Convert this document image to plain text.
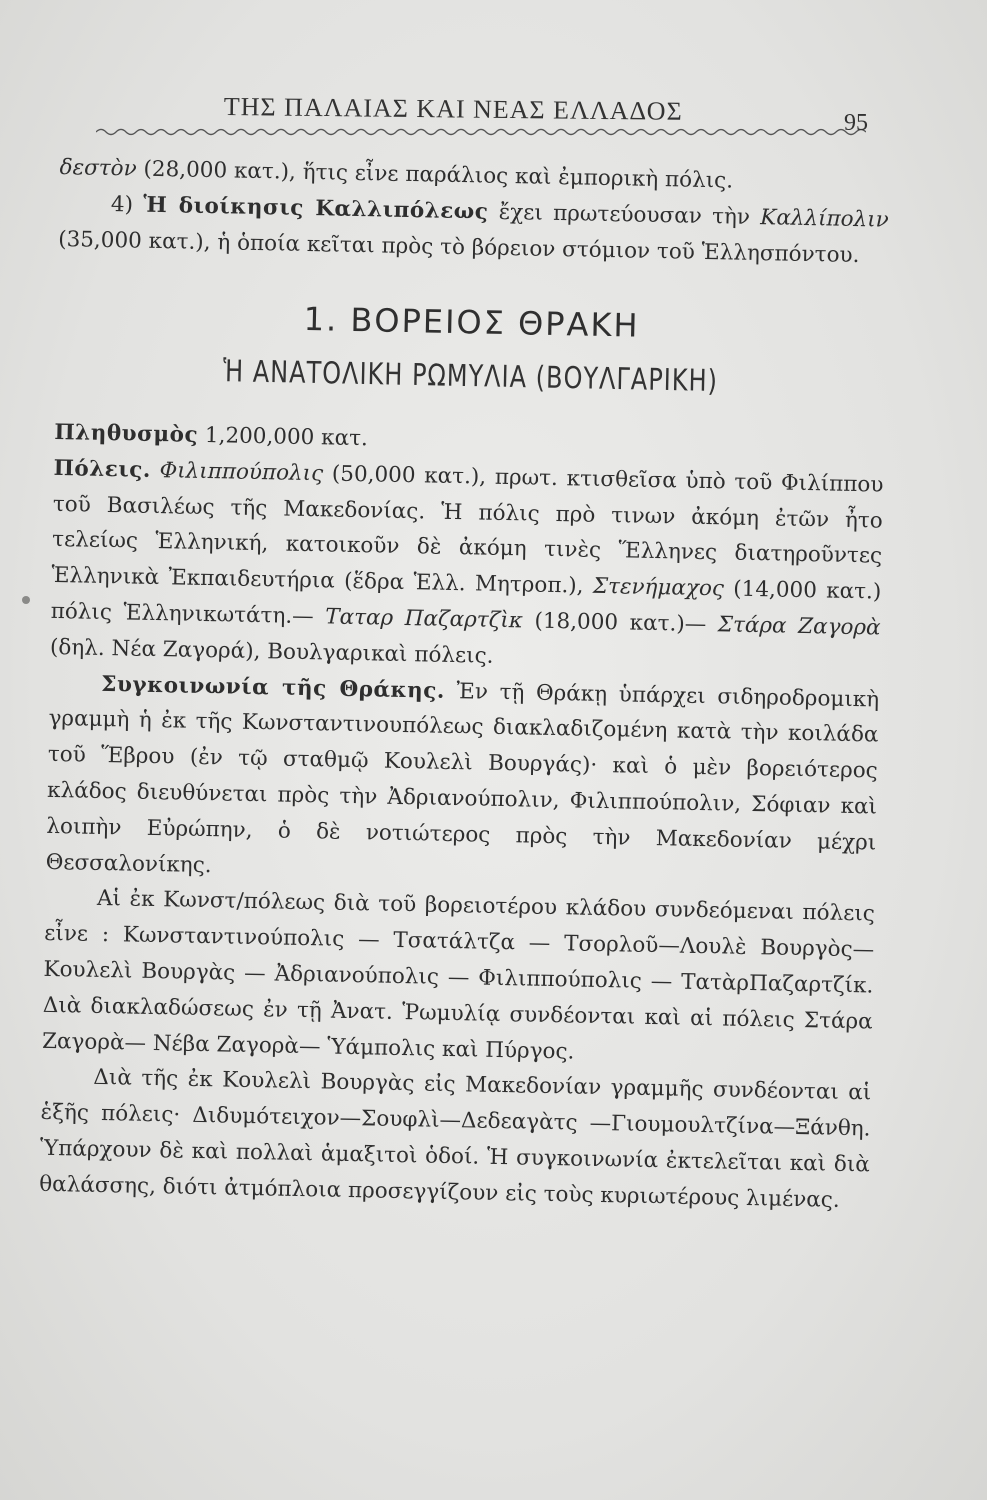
ΤΗΣ ΠΑΛΑΙΑΣ ΚΑΙ ΝΕΑΣ ΕΛΛΑΔΟΣ	95

δεστὸν (28,000 κατ.), ἥτις εἶνε παράλιος καὶ ἐμπορικὴ πόλις.

4) Ἡ διοίκησις Καλλιπόλεως ἔχει πρωτεύουσαν τὴν Καλλίπολιν (35,000 κατ.), ἡ ὁποία κεῖται πρὸς τὸ βόρειον στόμιον τοῦ Ἑλλησπόντου.

1. ΒΟΡΕΙΟΣ ΘΡΑΚΗ
Ἡ ΑΝΑΤΟΛΙΚΗ ΡΩΜΥΛΙΑ (ΒΟΥΛΓΑΡΙΚΗ)

Πληθυσμὸς 1,200,000 κατ.

Πόλεις. Φιλιππούπολις (50,000 κατ.), πρωτ. κτισθεῖσα ὑπὸ τοῦ Φιλίππου τοῦ Βασιλέως τῆς Μακεδονίας. Ἡ πόλις πρὸ τινων ἀκόμη ἐτῶν ἦτο τελείως Ἑλληνική, κατοικοῦν δὲ ἀκόμη τινὲς Ἕλληνες διατηροῦντες Ἑλληνικὰ Ἐκπαιδευτήρια (ἕδρα Ἑλλ. Μητροπ.), Στενήμαχος (14,000 κατ.) πόλις Ἑλληνικωτάτη.— Ταταρ Παζαρτζὶκ (18,000 κατ.)— Στάρα Ζαγορὰ (δηλ. Νέα Ζαγορά), Βουλγαρικαὶ πόλεις.

Συγκοινωνία τῆς Θράκης. Ἐν τῇ Θράκῃ ὑπάρχει σιδηροδρομικὴ γραμμὴ ἡ ἐκ τῆς Κωνσταντινουπόλεως διακλαδιζομένη κατὰ τὴν κοιλάδα τοῦ Ἕβρου (ἐν τῷ σταθμῷ Κουλελὶ Βουργάς)· καὶ ὁ μὲν βορειότερος κλάδος διευθύνεται πρὸς τὴν Ἀδριανούπολιν, Φιλιππούπολιν, Σόφιαν καὶ λοιπὴν Εὐρώπην, ὁ δὲ νοτιώτερος πρὸς τὴν Μακεδονίαν μέχρι Θεσσαλονίκης.

Αἱ ἐκ Κωνστ/πόλεως διὰ τοῦ βορειοτέρου κλάδου συνδεόμεναι πόλεις εἶνε : Κωνσταντινούπολις — Τσατάλτζα — Τσορλοῦ—Λουλὲ Βουργὸς— Κουλελὶ Βουργὰς — Ἀδριανούπολις — Φιλιππούπολις — ΤατὰρΠαζαρτζίκ. Διὰ διακλαδώσεως ἐν τῇ Ἀνατ. Ῥωμυλίᾳ συνδέονται καὶ αἱ πόλεις Στάρα Ζαγορὰ— Νέβα Ζαγορὰ— Ὑάμπολις καὶ Πύργος.

Διὰ τῆς ἐκ Κουλελὶ Βουργὰς εἰς Μακεδονίαν γραμμῆς συνδέονται αἱ ἑξῆς πόλεις· Διδυμότειχον—Σουφλὶ—Δεδεαγὰτς —Γιουμουλτζίνα—Ξάνθη. Ὑπάρχουν δὲ καὶ πολλαὶ ἁμαξιτοὶ ὁδοί. Ἡ συγκοινωνία ἐκτελεῖται καὶ διὰ θαλάσσης, διότι ἀτμόπλοια προσεγγίζουν εἰς τοὺς κυριωτέρους λιμένας.
